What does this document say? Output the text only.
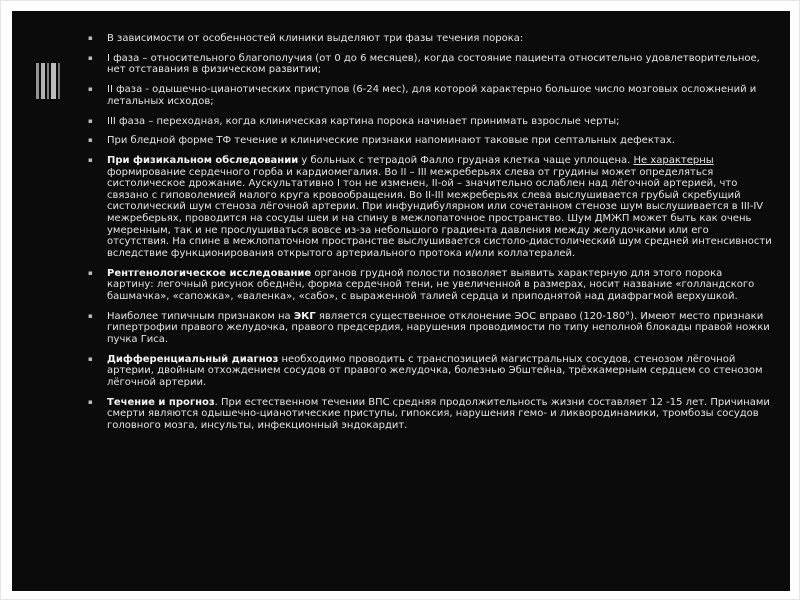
▪ В зависимости от особенностей клиники выделяют три фазы течения порока:
▪ I фаза – относительного благополучия (от 0 до 6 месяцев), когда состояние пациента относительно удовлетворительное, нет отставания в физическом развитии;
▪ II фаза - одышечно-цианотических приступов (6-24 мес), для которой характерно большое число мозговых осложнений и летальных исходов;
▪ III фаза – переходная, когда клиническая картина порока начинает принимать взрослые черты;
▪ При бледной форме ТФ течение и клинические признаки напоминают таковые при септальных дефектах.
▪ При физикальном обследовании у больных с тетрадой Фалло грудная клетка чаще уплощена. Не характерны формирование сердечного горба и кардиомегалия. Во II – III межреберьях слева от грудины может определяться систолическое дрожание. Аускультативно I тон не изменен, II-ой – значительно ослаблен над лёгочной артерией, что связано с гиповолемией малого круга кровообращения. Во II-III межреберьях слева выслушивается грубый скребущий систолический шум стеноза лёгочной артерии. При инфундибулярном или сочетанном стенозе шум выслушивается в III-IV межреберьях, проводится на сосуды шеи и на спину в межлопаточное пространство. Шум ДМЖП может быть как очень умеренным, так и не прослушиваться вовсе из-за небольшого градиента давления между желудочками или его отсутствия. На спине в межлопаточном пространстве выслушивается систоло-диастолический шум средней интенсивности вследствие функционирования открытого артериального протока и/или коллатералей.
▪ Рентгенологическое исследование органов грудной полости позволяет выявить характерную для этого порока картину: легочный рисунок обеднён, форма сердечной тени, не увеличенной в размерах, носит название «голландского башмачка», «сапожка», «валенка», «сабо», с выраженной талией сердца и приподнятой над диафрагмой верхушкой.
▪ Наиболее типичным признаком на ЭКГ является существенное отклонение ЭОС вправо (120-180°). Имеют место признаки гипертрофии правого желудочка, правого предсердия, нарушения проводимости по типу неполной блокады правой ножки пучка Гиса.
▪ Дифференциальный диагноз необходимо проводить с транспозицией магистральных сосудов, стенозом лёгочной артерии, двойным отхождением сосудов от правого желудочка, болезнью Эбштейна, трёхкамерным сердцем со стенозом лёгочной артерии.
▪ Течение и прогноз. При естественном течении ВПС средняя продолжительность жизни составляет 12 -15 лет. Причинами смерти являются одышечно-цианотические приступы, гипоксия, нарушения гемо- и ликвородинамики, тромбозы сосудов головного мозга, инсульты, инфекционный эндокардит.
